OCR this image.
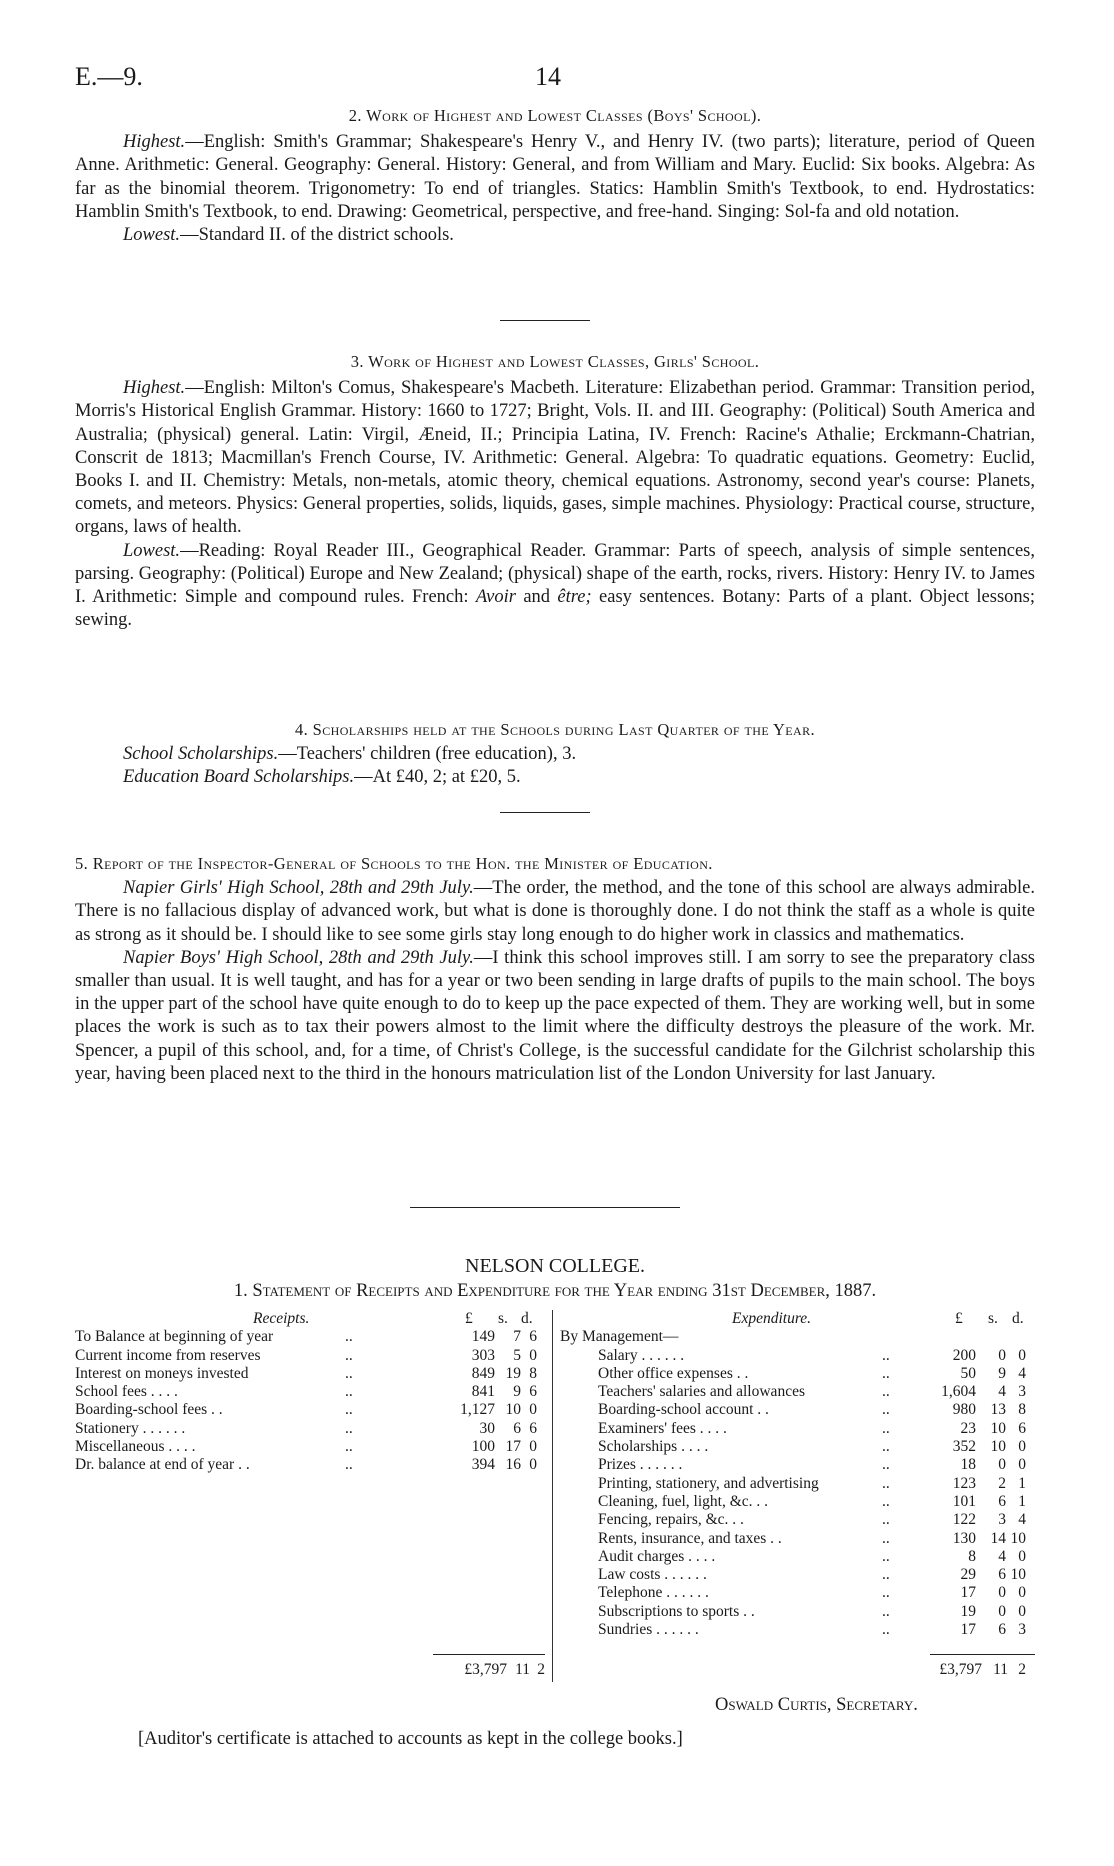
E.—9.	14

2. Work of Highest and Lowest Classes (Boys' School).

Highest.—English: Smith's Grammar; Shakespeare's Henry V., and Henry IV. (two parts); literature, period of Queen Anne. Arithmetic: General. Geography: General. History: General, and from William and Mary. Euclid: Six books. Algebra: As far as the binomial theorem. Trigonometry: To end of triangles. Statics: Hamblin Smith's Textbook, to end. Hydrostatics: Hamblin Smith's Textbook, to end. Drawing: Geometrical, perspective, and free-hand. Singing: Sol-fa and old notation.

Lowest.—Standard II. of the district schools.

3. Work of Highest and Lowest Classes, Girls' School.

Highest.—English: Milton's Comus, Shakespeare's Macbeth. Literature: Elizabethan period. Grammar: Transition period, Morris's Historical English Grammar. History: 1660 to 1727; Bright, Vols. II. and III. Geography: (Political) South America and Australia; (physical) general. Latin: Virgil, Æneid, II.; Principia Latina, IV. French: Racine's Athalie; Erckmann-Chatrian, Conscrit de 1813; Macmillan's French Course, IV. Arithmetic: General. Algebra: To quadratic equations. Geometry: Euclid, Books I. and II. Chemistry: Metals, non-metals, atomic theory, chemical equations. Astronomy, second year's course: Planets, comets, and meteors. Physics: General properties, solids, liquids, gases, simple machines. Physiology: Practical course, structure, organs, laws of health.

Lowest.—Reading: Royal Reader III., Geographical Reader. Grammar: Parts of speech, analysis of simple sentences, parsing. Geography: (Political) Europe and New Zealand; (physical) shape of the earth, rocks, rivers. History: Henry IV. to James I. Arithmetic: Simple and compound rules. French: Avoir and être; easy sentences. Botany: Parts of a plant. Object lessons; sewing.

4. Scholarships held at the Schools during Last Quarter of the Year.

School Scholarships.—Teachers' children (free education), 3.

Education Board Scholarships.—At £40, 2; at £20, 5.

5. Report of the Inspector-General of Schools to the Hon. the Minister of Education.

Napier Girls' High School, 28th and 29th July.—The order, the method, and the tone of this school are always admirable. There is no fallacious display of advanced work, but what is done is thoroughly done. I do not think the staff as a whole is quite as strong as it should be. I should like to see some girls stay long enough to do higher work in classics and mathematics.

Napier Boys' High School, 28th and 29th July.—I think this school improves still. I am sorry to see the preparatory class smaller than usual. It is well taught, and has for a year or two been sending in large drafts of pupils to the main school. The boys in the upper part of the school have quite enough to do to keep up the pace expected of them. They are working well, but in some places the work is such as to tax their powers almost to the limit where the difficulty destroys the pleasure of the work. Mr. Spencer, a pupil of this school, and, for a time, of Christ's College, is the successful candidate for the Gilchrist scholarship this year, having been placed next to the third in the honours matriculation list of the London University for last January.

NELSON COLLEGE.
1. Statement of Receipts and Expenditure for the Year ending 31st December, 1887.
Receipts.	£ s. d.
To Balance at beginning of year	..	149	7 6
Current income from reserves	..	303	5 0
Interest on moneys invested	..	849 19 8
School fees . . . .	..	841	9 6
Boarding-school fees . .	..	1,127 10 0
Stationery . . . . . .	..	30	6 6
Miscellaneous . . . .	..	100 17 0
Dr. balance at end of year . .	..	394 16 0
Expenditure.	£ s. d.
By Management—
Salary . . . . . .	..	200	0 0
Other office expenses . .	..	50	9 4
Teachers' salaries and allowances	..	1,604	4 3
Boarding-school account . .	..	980 13 8
Examiners' fees . . . .	..	23 10 6
Scholarships . . . .	..	352 10 0
Prizes . . . . . .	..	18	0 0
Printing, stationery, and advertising	..	123	2 1
Cleaning, fuel, light, &c. . .	..	101	6 1
Fencing, repairs, &c. . .	..	122	3 4
Rents, insurance, and taxes . .	..	130 14 10
Audit charges . . . .	..	8	4 0
Law costs . . . . . .	..	29	6 10
Telephone . . . . . .	..	17	0 0
Subscriptions to sports . .	..	19	0 0
Sundries . . . . . .	..	17	6 3
£3,797 11 2	£3,797 11 2
Oswald Curtis, Secretary.
[Auditor's certificate is attached to accounts as kept in the college books.]
